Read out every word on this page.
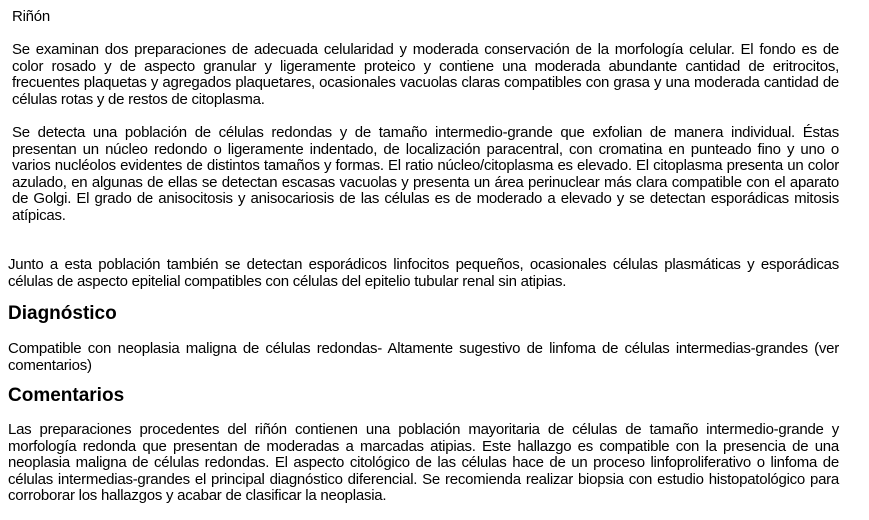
Riñón

Se examinan dos preparaciones de adecuada celularidad y moderada conservación de la morfología celular. El fondo es de color rosado y de aspecto granular y ligeramente proteico y contiene una moderada abundante cantidad de eritrocitos, frecuentes plaquetas y agregados plaquetares, ocasionales vacuolas claras compatibles con grasa y una moderada cantidad de células rotas y de restos de citoplasma.

Se detecta una población de células redondas y de tamaño intermedio-grande que exfolian de manera individual. Éstas presentan un núcleo redondo o ligeramente indentado, de localización paracentral, con cromatina en punteado fino y uno o varios nucléolos evidentes de distintos tamaños y formas. El ratio núcleo/citoplasma es elevado. El citoplasma presenta un color azulado, en algunas de ellas se detectan escasas vacuolas y presenta un área perinuclear más clara compatible con el aparato de Golgi. El grado de anisocitosis y anisocariosis de las células es de moderado a elevado y se detectan esporádicas mitosis atípicas.

Junto a esta población también se detectan esporádicos linfocitos pequeños, ocasionales células plasmáticas y esporádicas células de aspecto epitelial compatibles con células del epitelio tubular renal sin atipias.

Diagnóstico

Compatible con neoplasia maligna de células redondas- Altamente sugestivo de linfoma de células intermedias-grandes (ver comentarios)

Comentarios

Las preparaciones procedentes del riñón contienen una población mayoritaria de células de tamaño intermedio-grande y morfología redonda que presentan de moderadas a marcadas atipias. Este hallazgo es compatible con la presencia de una neoplasia maligna de células redondas. El aspecto citológico de las células hace de un proceso linfoproliferativo o linfoma de células intermedias-grandes el principal diagnóstico diferencial. Se recomienda realizar biopsia con estudio histopatológico para corroborar los hallazgos y acabar de clasificar la neoplasia.
